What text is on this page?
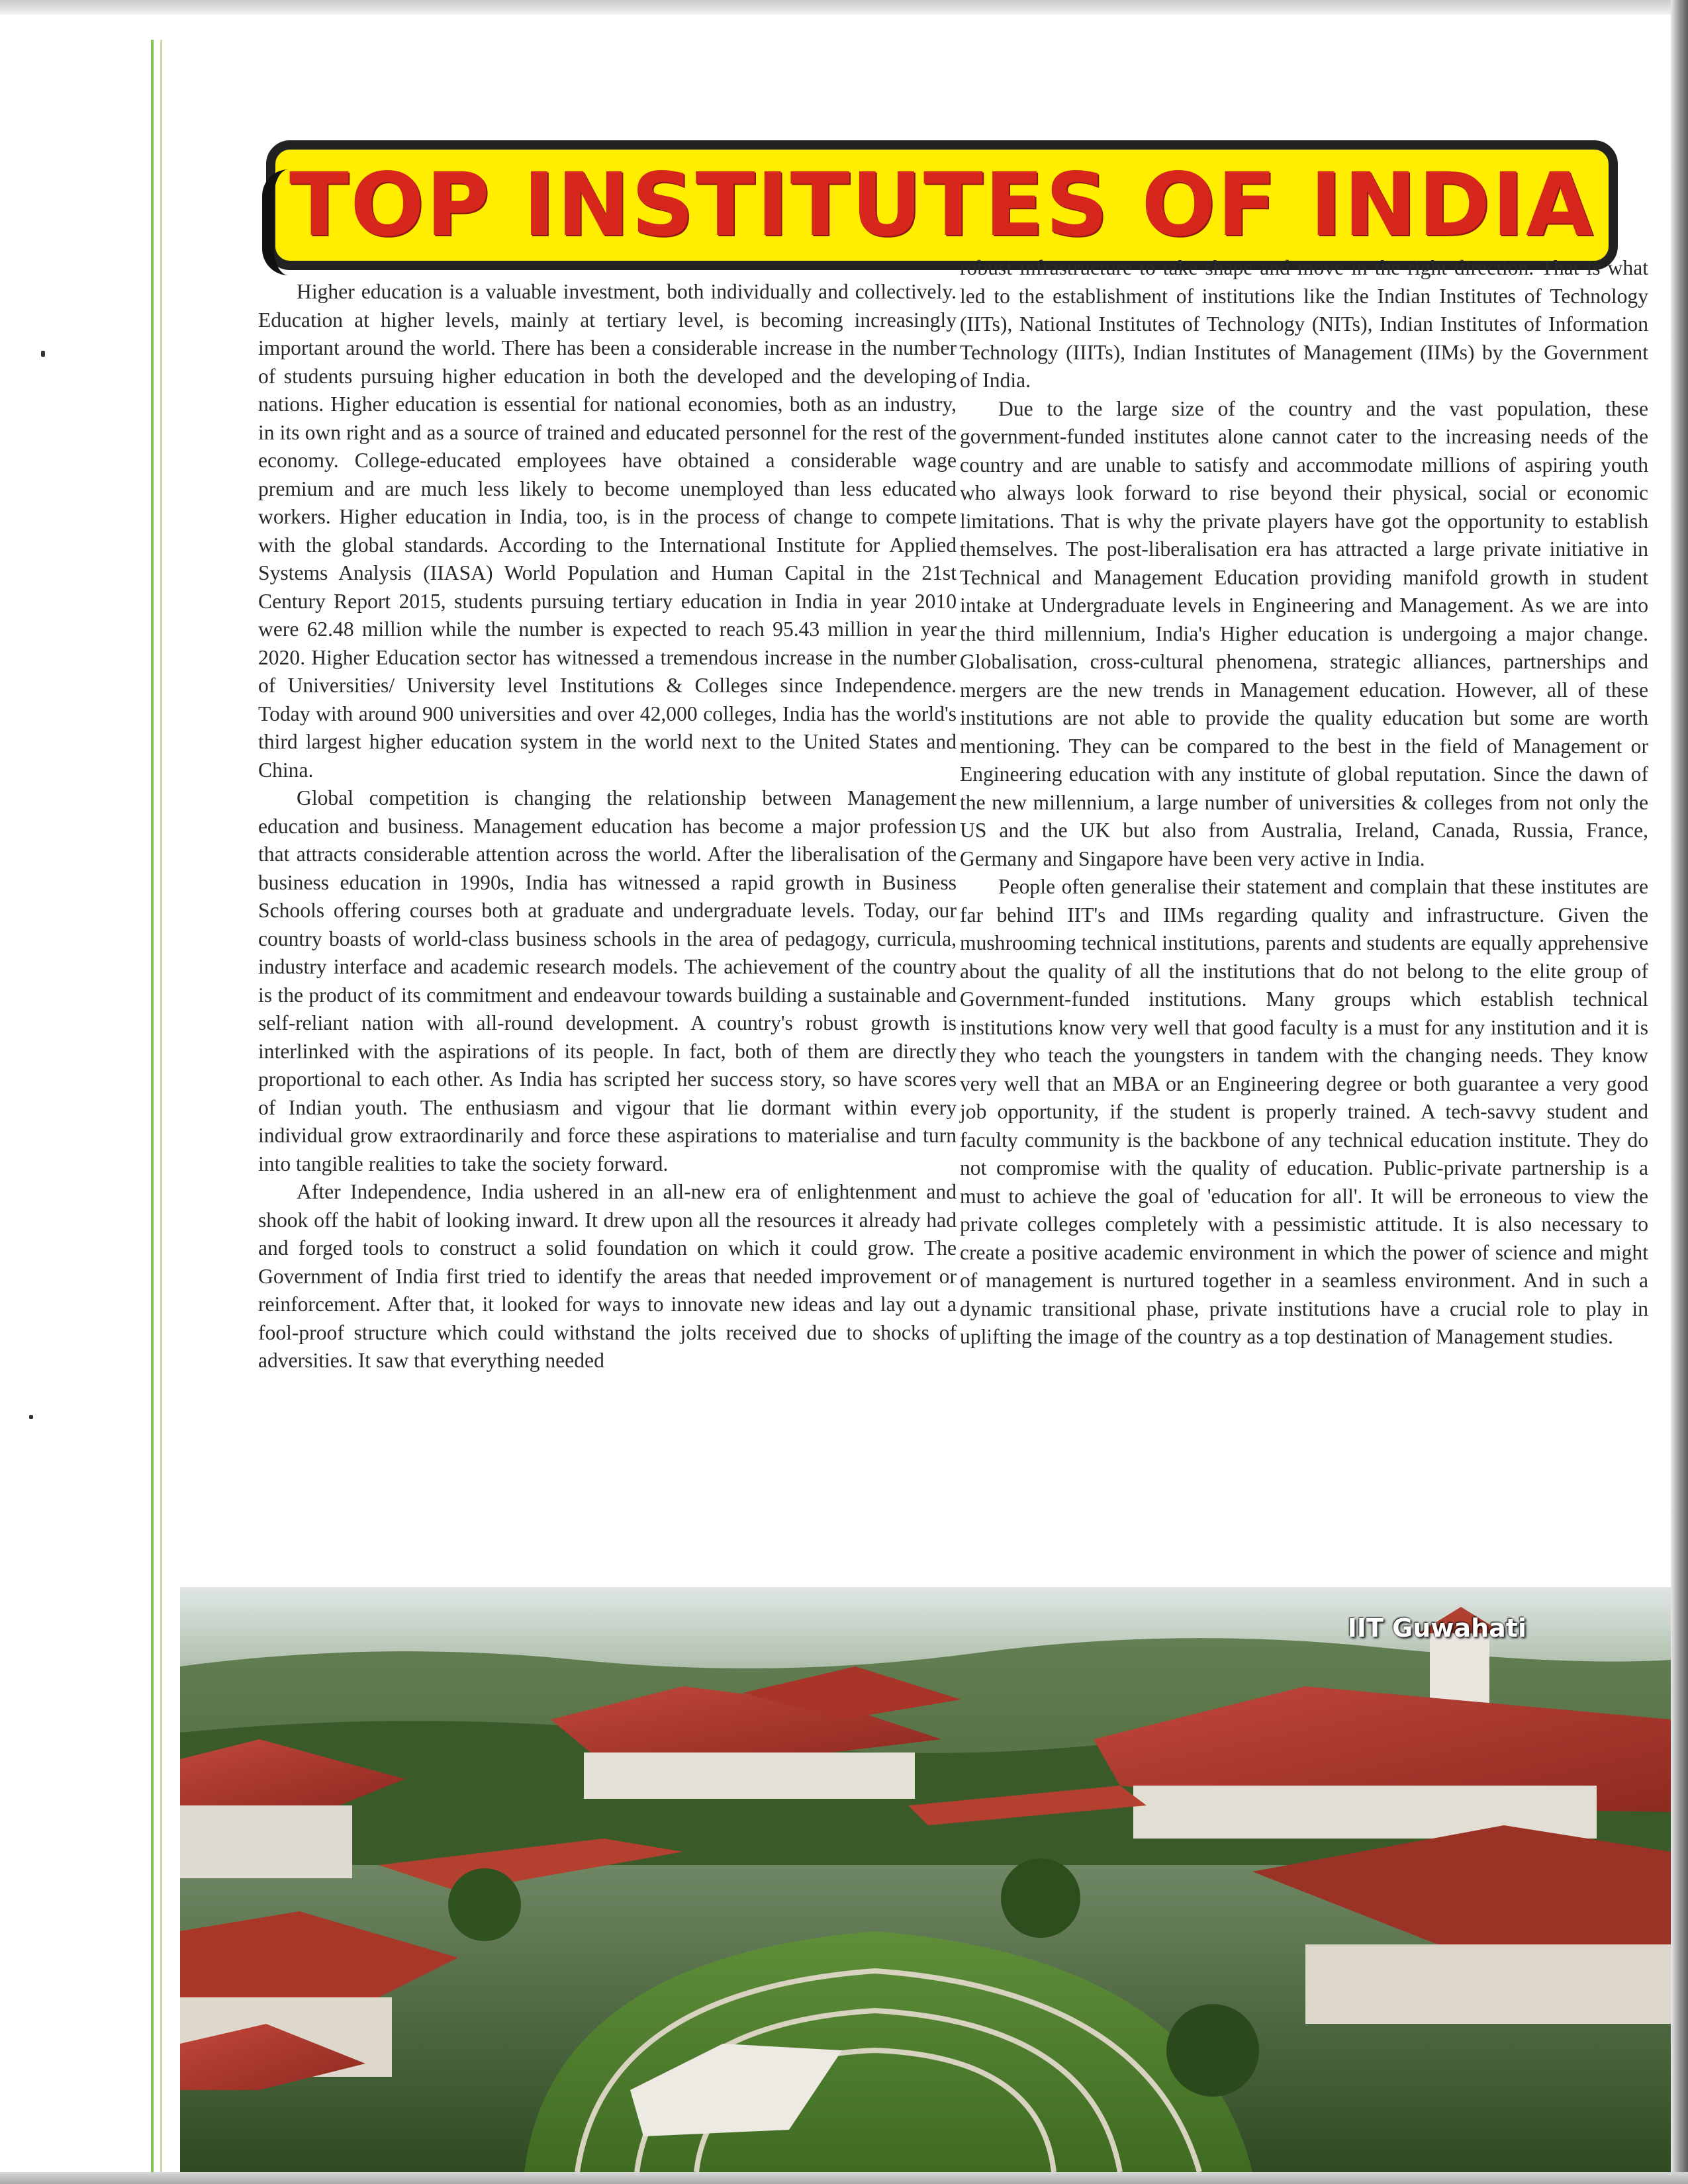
TOP INSTITUTES OF INDIA

Higher education is a valuable investment, both individually and collectively. Education at higher levels, mainly at tertiary level, is becoming increasingly important around the world. There has been a considerable increase in the number of students pursuing higher education in both the developed and the developing nations. Higher education is essential for national economies, both as an industry, in its own right and as a source of trained and educated personnel for the rest of the economy. College-educated employees have obtained a considerable wage premium and are much less likely to become unemployed than less educated workers. Higher education in India, too, is in the process of change to compete with the global standards. According to the International Institute for Applied Systems Analysis (IIASA) World Population and Human Capital in the 21st Century Report 2015, students pursuing tertiary education in India in year 2010 were 62.48 million while the number is expected to reach 95.43 million in year 2020. Higher Education sector has witnessed a tremendous increase in the number of Universities/ University level Institutions & Colleges since Independence. Today with around 900 universities and over 42,000 colleges, India has the world's third largest higher education system in the world next to the United States and China.

Global competition is changing the relationship between Management education and business. Management education has become a major profession that attracts considerable attention across the world. After the liberalisation of the business education in 1990s, India has witnessed a rapid growth in Business Schools offering courses both at graduate and undergraduate levels. Today, our country boasts of world-class business schools in the area of pedagogy, curricula, industry interface and academic research models. The achievement of the country is the product of its commitment and endeavour towards building a sustainable and self-reliant nation with all-round development. A country's robust growth is interlinked with the aspirations of its people. In fact, both of them are directly proportional to each other. As India has scripted her success story, so have scores of Indian youth. The enthusiasm and vigour that lie dormant within every individual grow extraordinarily and force these aspirations to materialise and turn into tangible realities to take the society forward.

After Independence, India ushered in an all-new era of enlightenment and shook off the habit of looking inward. It drew upon all the resources it already had and forged tools to construct a solid foundation on which it could grow. The Government of India first tried to identify the areas that needed improvement or reinforcement. After that, it looked for ways to innovate new ideas and lay out a fool-proof structure which could withstand the jolts received due to shocks of adversities. It saw that everything needed

robust infrastructure to take shape and move in the right direction. That is what led to the establishment of institutions like the Indian Institutes of Technology (IITs), National Institutes of Technology (NITs), Indian Institutes of Information Technology (IIITs), Indian Institutes of Management (IIMs) by the Government of India.

Due to the large size of the country and the vast population, these government-funded institutes alone cannot cater to the increasing needs of the country and are unable to satisfy and accommodate millions of aspiring youth who always look forward to rise beyond their physical, social or economic limitations. That is why the private players have got the opportunity to establish themselves. The post-liberalisation era has attracted a large private initiative in Technical and Management Education providing manifold growth in student intake at Undergraduate levels in Engineering and Management. As we are into the third millennium, India's Higher education is undergoing a major change. Globalisation, cross-cultural phenomena, strategic alliances, partnerships and mergers are the new trends in Management education. However, all of these institutions are not able to provide the quality education but some are worth mentioning. They can be compared to the best in the field of Management or Engineering education with any institute of global reputation. Since the dawn of the new millennium, a large number of universities & colleges from not only the US and the UK but also from Australia, Ireland, Canada, Russia, France, Germany and Singapore have been very active in India.

People often generalise their statement and complain that these institutes are far behind IIT's and IIMs regarding quality and infrastructure. Given the mushrooming technical institutions, parents and students are equally apprehensive about the quality of all the institutions that do not belong to the elite group of Government-funded institutions. Many groups which establish technical institutions know very well that good faculty is a must for any institution and it is they who teach the youngsters in tandem with the changing needs. They know very well that an MBA or an Engineering degree or both guarantee a very good job opportunity, if the student is properly trained. A tech-savvy student and faculty community is the backbone of any technical education institute. They do not compromise with the quality of education. Public-private partnership is a must to achieve the goal of 'education for all'. It will be erroneous to view the private colleges completely with a pessimistic attitude. It is also necessary to create a positive academic environment in which the power of science and might of management is nurtured together in a seamless environment. And in such a dynamic transitional phase, private institutions have a crucial role to play in uplifting the image of the country as a top destination of Management studies.

IIT Guwahati
